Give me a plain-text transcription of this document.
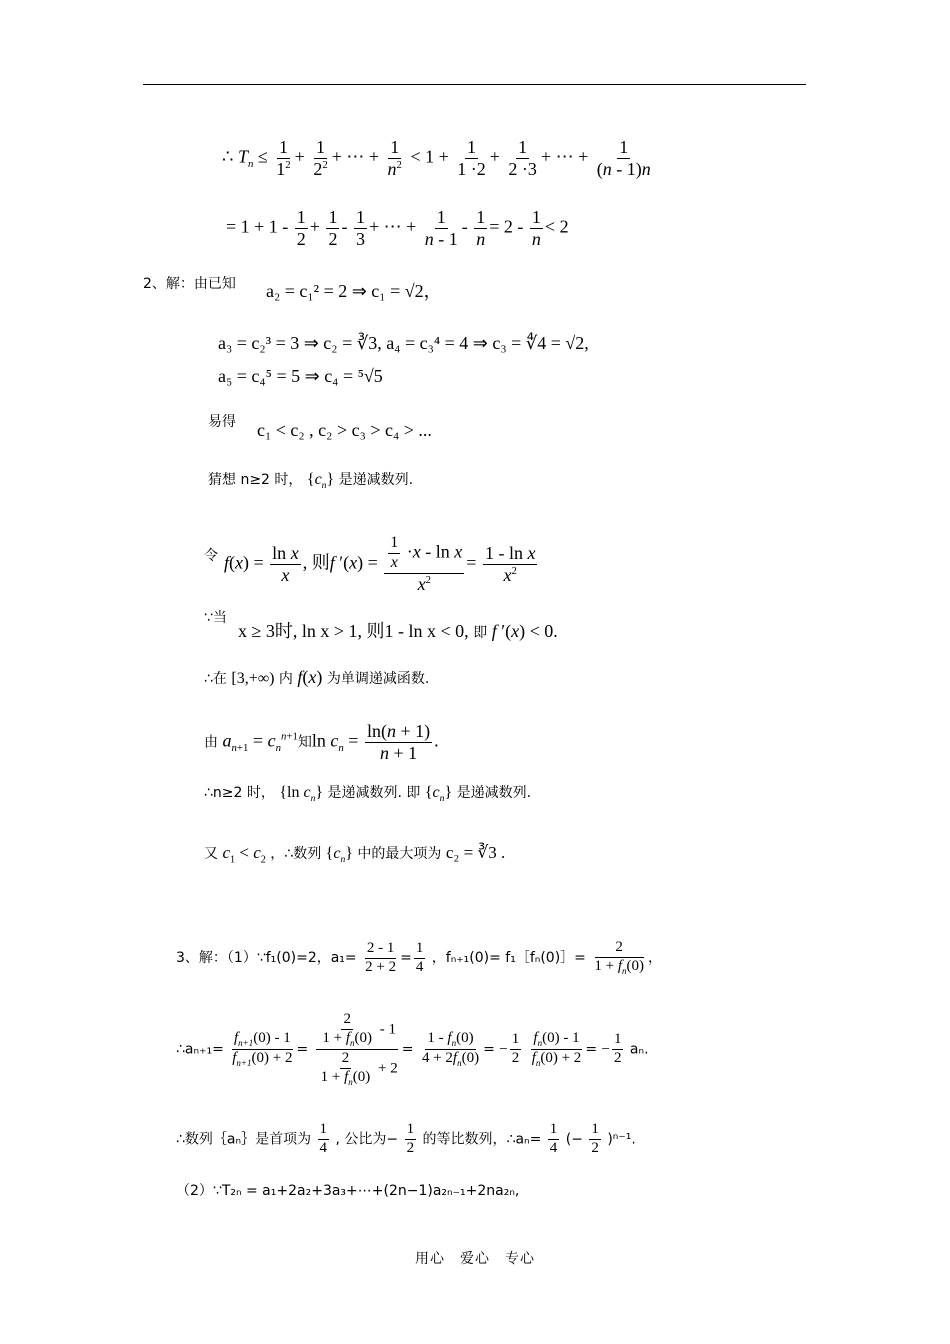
∴ $T_n \le \frac{1}{1^2} + \frac{1}{2^2}$ + ⋯ + $\frac{1}{n^2} < 1 + \frac{1}{1 \cdot 2} + \frac{1}{2 \cdot 3}$ + ⋯ + $\frac{1}{(n - 1)n}$
= $1 + 1 - \frac{1}{2} + \frac{1}{2} - \frac{1}{3}$ + ⋯ + $\frac{1}{n - 1} - \frac{1}{n} = 2 - \frac{1}{n} < 2$
2、解：由已知 a₂ = c₁² = 2 ⇒ c₁ = √2，
a₃ = c₂³ = 3 ⇒ c₂ = ∛3, a₄ = c₃⁴ = 4 ⇒ c₃ = ∜4 = √2,
a₅ = c₄⁵ = 5 ⇒ c₄ = ⁵√5
易得 c₁ < c₂ , c₂ > c₃ > c₄ > ...
猜想 n≥2 时， $\{c_n\}$ 是递减数列.
令 $f(x) = \frac{\text{ln x}}{x}$ , 则f $'(x) = \frac{\frac{1}{x} \cdot x - \ln x}{x^2} = \frac{\text{1 - ln x}}{x^2}$
∵当
x ≥ 3时, ln x > 1, 则1 - ln x < 0, 即 f ′(x) < 0.
∴在 [3,+∞) 内 f(x) 为单调递减函数.
由 $a_{n+1} = c_n^{n+1}$知$\ln c_n = \frac{\ln(n + 1)}{n + 1}$ .
∴n≥2 时， {ln $c_n$} 是递减数列. 即 $\{c_n\}$ 是递减数列.
又 $c_1 < c_2$ ，∴数列 $\{c_n\}$ 中的最大项为 c₂ = ∛3 .
3、解：（1）∵f₁(0)=2，$a_1= \frac{2 - 1}{2 + 2} = \frac{1}{4}$ ，fₙ₊₁(0)= f₁［fₙ(0)］= $\frac{2}{1 + f_n(0)}$ ，
∴aₙ₊₁= $\frac{f_{n+1}(0) - 1}{f_{n+1}(0) + 2} = \frac{\frac{2}{1 + f_n(0)} - 1}{\frac{2}{1 + f_n(0)} + 2} = \frac{1 - f_n(0)}{4 + 2f_n(0)}$ = − $\frac{1}{2}$
$\frac{f_n(0) - 1}{f_n(0) + 2}$ = − $\frac{1}{2} a_n$.
∴数列｛aₙ｝是首项为 $\frac{1}{4}$ , 公比为− $\frac{1}{2}$ 的等比数列，∴aₙ= $\frac{1}{4}$ (− $\frac{1}{2} )^{n-1}$.
（2）∵T₂ₙ = a₁+2a₂+3a₃+⋯+(2n−1)a₂ₙ₋₁+2na₂ₙ,
用心　爱心　专心
